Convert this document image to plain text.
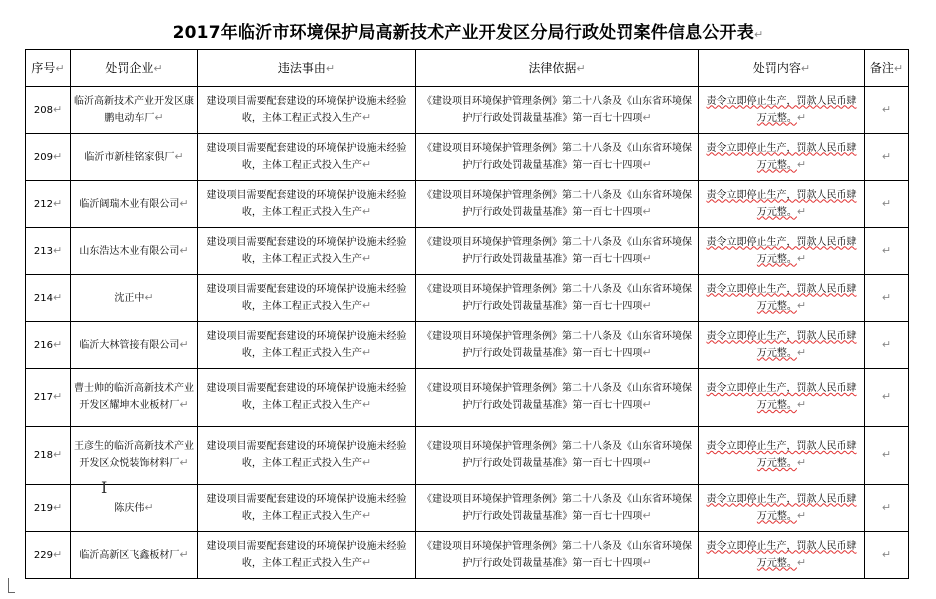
2017年临沂市环境保护局高新技术产业开发区分局行政处罚案件信息公开表↵
序号↵	处罚企业↵	违法事由↵	法律依据↵	处罚内容↵	备注↵
208↵	临沂高新技术产业开发区康鹏电动车厂↵	建设项目需要配套建设的环境保护设施未经验收，主体工程正式投入生产↵	《建设项目环境保护管理条例》第二十八条及《山东省环境保护厅行政处罚裁量基准》第一百七十四项↵	责令立即停止生产，罚款人民币肆万元整。↵	↵
209↵	临沂市新桂铭家俱厂↵	建设项目需要配套建设的环境保护设施未经验收，主体工程正式投入生产↵	《建设项目环境保护管理条例》第二十八条及《山东省环境保护厅行政处罚裁量基准》第一百七十四项↵	责令立即停止生产，罚款人民币肆万元整。↵	↵
212↵	临沂阔瑞木业有限公司↵	建设项目需要配套建设的环境保护设施未经验收，主体工程正式投入生产↵	《建设项目环境保护管理条例》第二十八条及《山东省环境保护厅行政处罚裁量基准》第一百七十四项↵	责令立即停止生产，罚款人民币肆万元整。↵	↵
213↵	山东浩达木业有限公司↵	建设项目需要配套建设的环境保护设施未经验收，主体工程正式投入生产↵	《建设项目环境保护管理条例》第二十八条及《山东省环境保护厅行政处罚裁量基准》第一百七十四项↵	责令立即停止生产，罚款人民币肆万元整。↵	↵
214↵	沈正中↵	建设项目需要配套建设的环境保护设施未经验收，主体工程正式投入生产↵	《建设项目环境保护管理条例》第二十八条及《山东省环境保护厅行政处罚裁量基准》第一百七十四项↵	责令立即停止生产，罚款人民币肆万元整。↵	↵
216↵	临沂大林管接有限公司↵	建设项目需要配套建设的环境保护设施未经验收，主体工程正式投入生产↵	《建设项目环境保护管理条例》第二十八条及《山东省环境保护厅行政处罚裁量基准》第一百七十四项↵	责令立即停止生产，罚款人民币肆万元整。↵	↵
217↵	曹士帅的临沂高新技术产业开发区耀坤木业板材厂↵	建设项目需要配套建设的环境保护设施未经验收，主体工程正式投入生产↵	《建设项目环境保护管理条例》第二十八条及《山东省环境保护厅行政处罚裁量基准》第一百七十四项↵	责令立即停止生产，罚款人民币肆万元整。↵	↵
218↵	王彦生的临沂高新技术产业开发区众悦装饰材料厂↵	建设项目需要配套建设的环境保护设施未经验收，主体工程正式投入生产↵	《建设项目环境保护管理条例》第二十八条及《山东省环境保护厅行政处罚裁量基准》第一百七十四项↵	责令立即停止生产，罚款人民币肆万元整。↵	↵
219↵	陈庆伟↵	建设项目需要配套建设的环境保护设施未经验收，主体工程正式投入生产↵	《建设项目环境保护管理条例》第二十八条及《山东省环境保护厅行政处罚裁量基准》第一百七十四项↵	责令立即停止生产，罚款人民币肆万元整。↵	↵
229↵	临沂高新区飞鑫板材厂↵	建设项目需要配套建设的环境保护设施未经验收，主体工程正式投入生产↵	《建设项目环境保护管理条例》第二十八条及《山东省环境保护厅行政处罚裁量基准》第一百七十四项↵	责令立即停止生产，罚款人民币肆万元整。↵	↵
I
